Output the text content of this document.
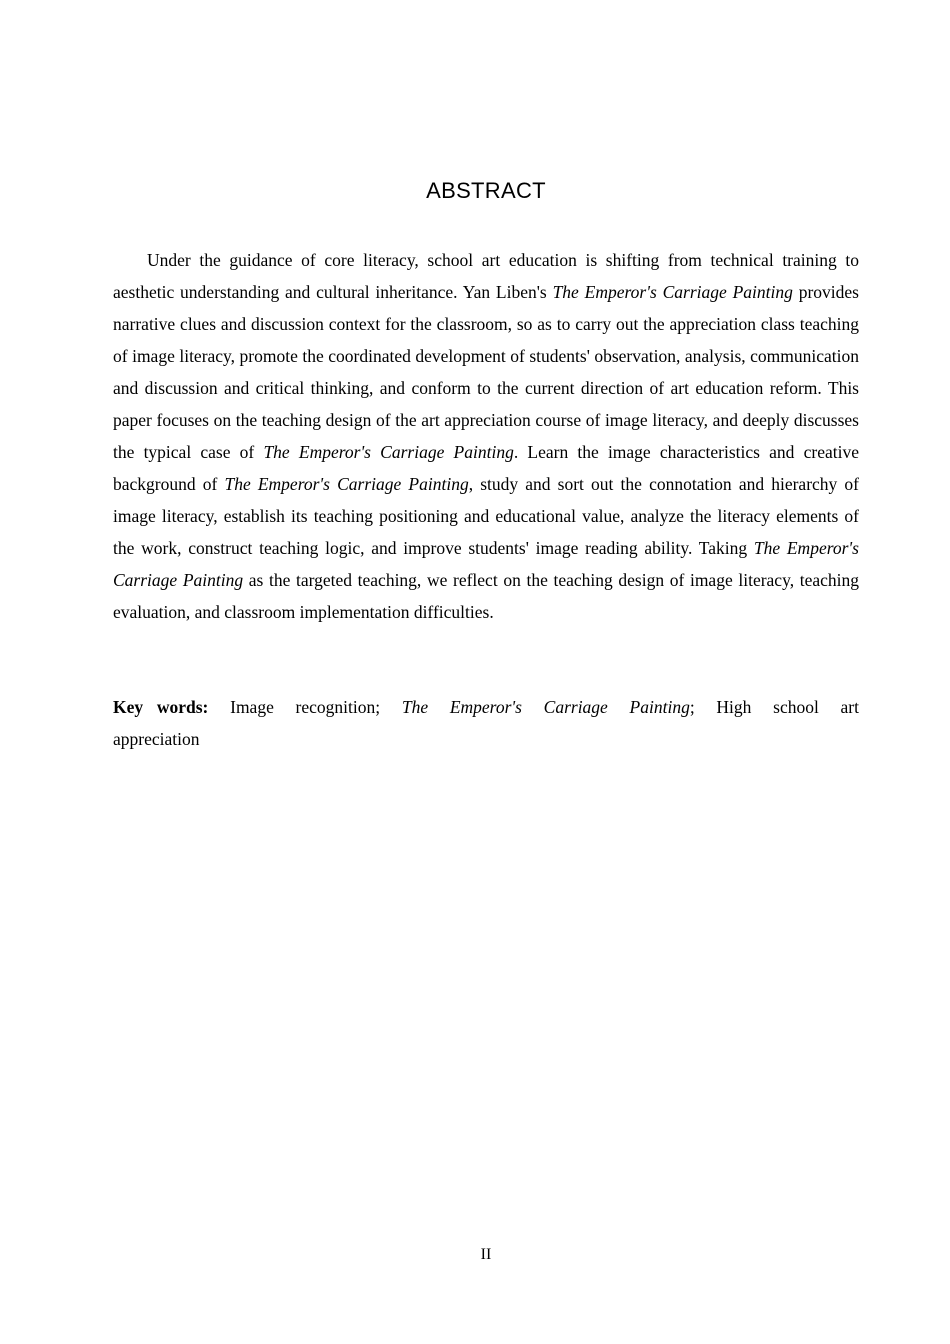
ABSTRACT

Under the guidance of core literacy, school art education is shifting from technical training to aesthetic understanding and cultural inheritance. Yan Liben's The Emperor's Carriage Painting provides narrative clues and discussion context for the classroom, so as to carry out the appreciation class teaching of image literacy, promote the coordinated development of students' observation, analysis, communication and discussion and critical thinking, and conform to the current direction of art education reform. This paper focuses on the teaching design of the art appreciation course of image literacy, and deeply discusses the typical case of The Emperor's Carriage Painting. Learn the image characteristics and creative background of The Emperor's Carriage Painting, study and sort out the connotation and hierarchy of image literacy, establish its teaching positioning and educational value, analyze the literacy elements of the work, construct teaching logic, and improve students' image reading ability. Taking The Emperor's Carriage Painting as the targeted teaching, we reflect on the teaching design of image literacy, teaching evaluation, and classroom implementation difficulties.

Key words: Image recognition; The Emperor's Carriage Painting; High school art appreciation

II
